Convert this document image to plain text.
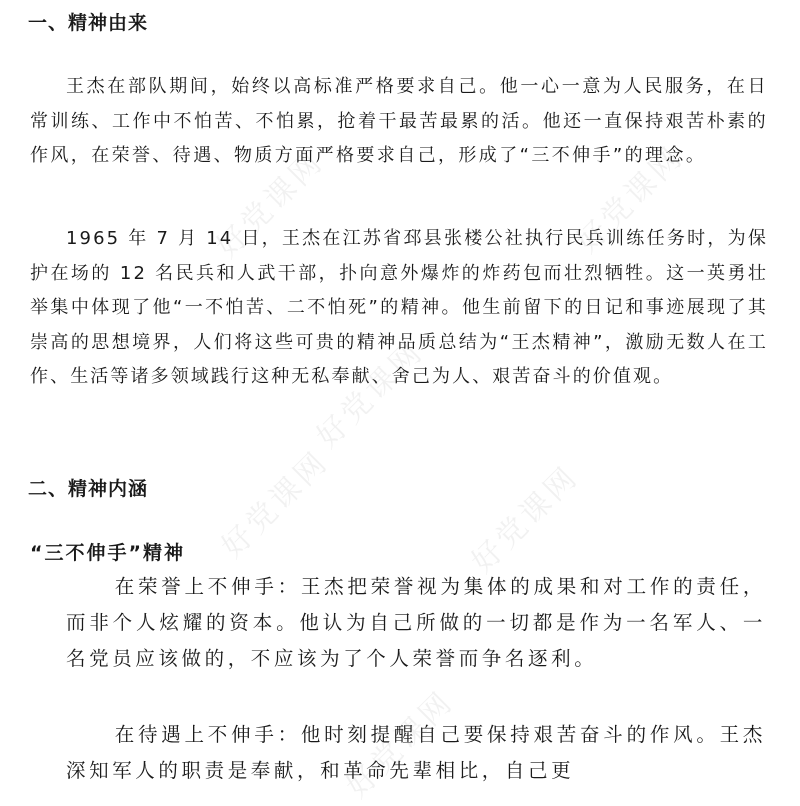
一、精神由来

王杰在部队期间，始终以高标准严格要求自己。他一心一意为人民服务，在日常训练、工作中不怕苦、不怕累，抢着干最苦最累的活。他还一直保持艰苦朴素的作风，在荣誉、待遇、物质方面严格要求自己，形成了“三不伸手”的理念。

1965 年 7 月 14 日，王杰在江苏省邳县张楼公社执行民兵训练任务时，为保护在场的 12 名民兵和人武干部，扑向意外爆炸的炸药包而壮烈牺牲。这一英勇壮举集中体现了他“一不怕苦、二不怕死”的精神。他生前留下的日记和事迹展现了其崇高的思想境界，人们将这些可贵的精神品质总结为“王杰精神”，激励无数人在工作、生活等诸多领域践行这种无私奉献、舍己为人、艰苦奋斗的价值观。

二、精神内涵
“三不伸手”精神

在荣誉上不伸手：王杰把荣誉视为集体的成果和对工作的责任，而非个人炫耀的资本。他认为自己所做的一切都是作为一名军人、一名党员应该做的，不应该为了个人荣誉而争名逐利。

在待遇上不伸手：他时刻提醒自己要保持艰苦奋斗的作风。王杰深知军人的职责是奉献，和革命先辈相比，自己更

好党课网	好党课网
好党课网
好党课网	好党课网
好党课网
